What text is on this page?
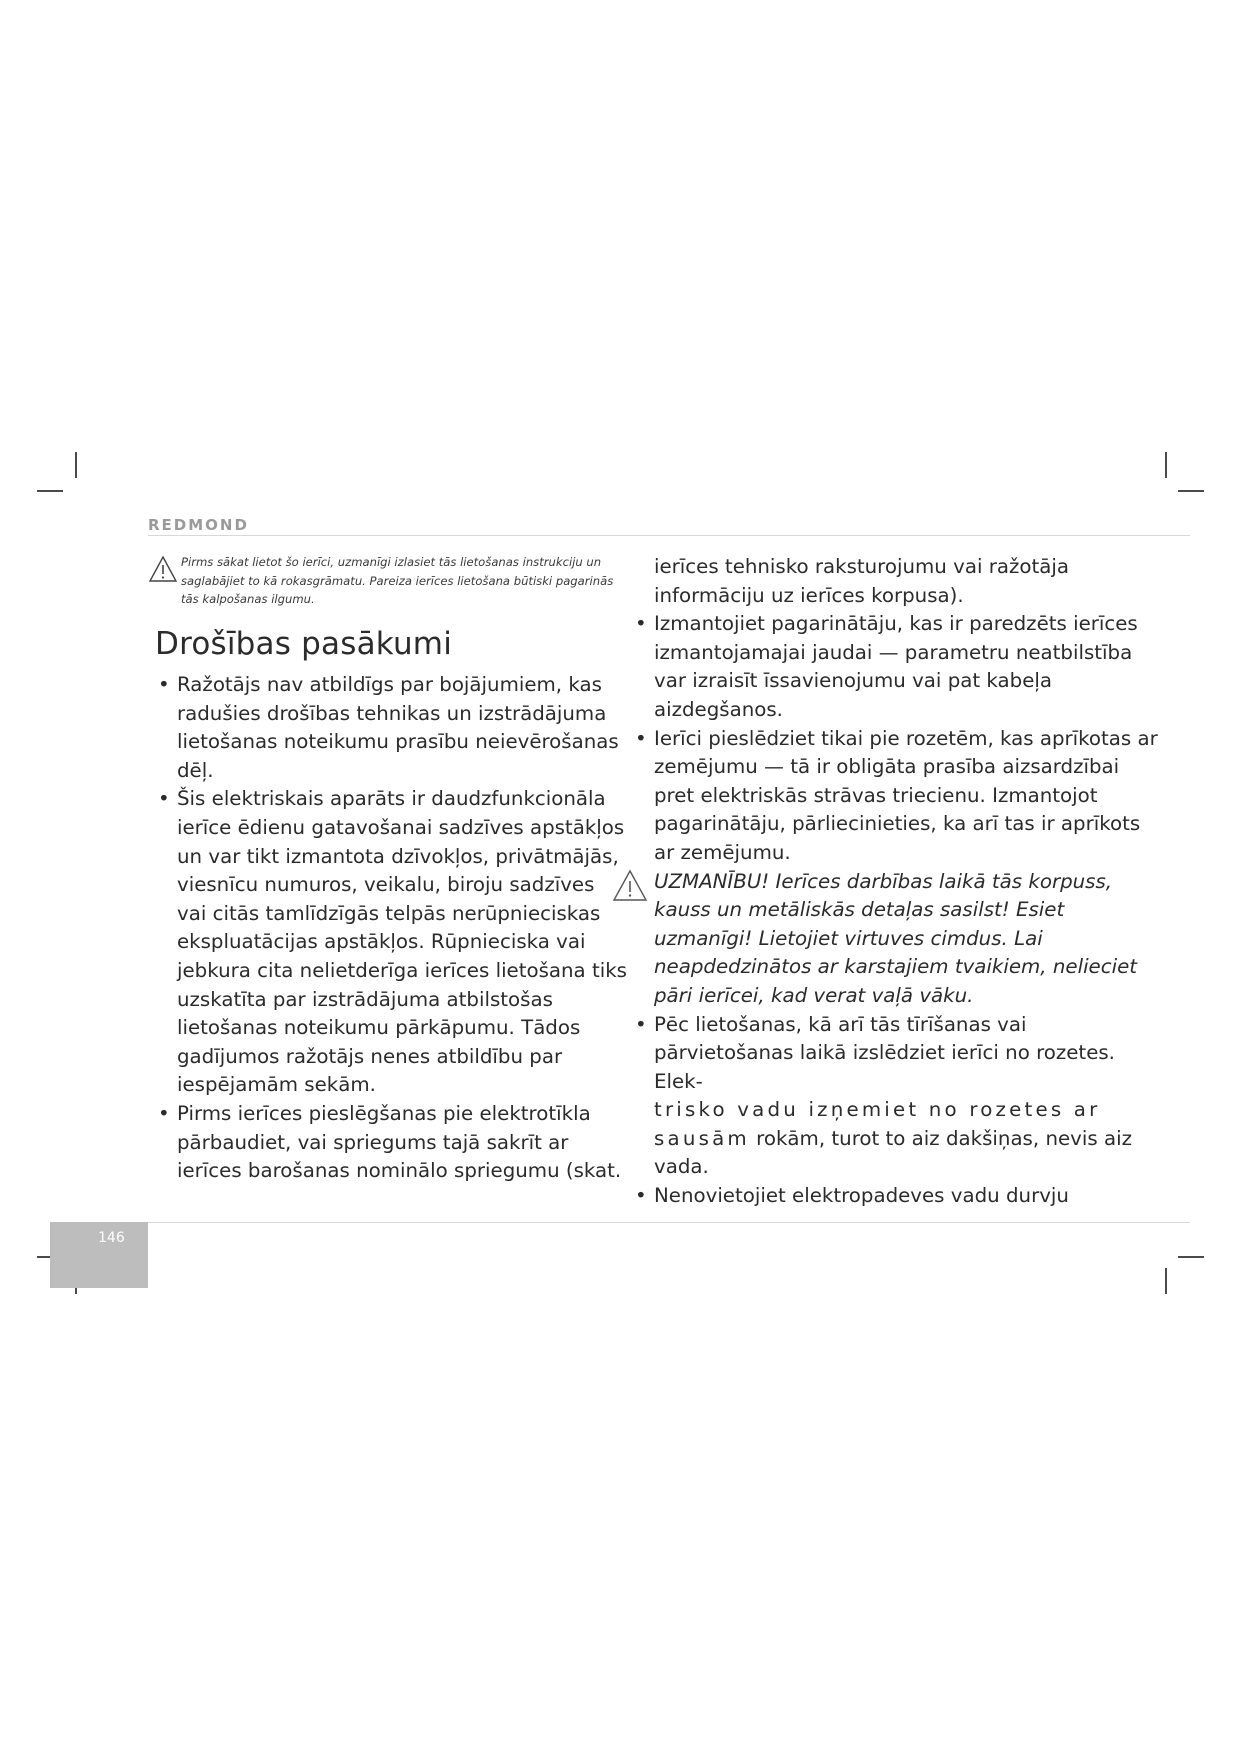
REDMOND

Pirms sākat lietot šo ierīci, uzmanīgi izlasiet tās lietošanas instrukciju un saglabājiet to kā rokasgrāmatu. Pareiza ierīces lietošana būtiski pagarinās tās kalpošanas ilgumu.

Drošības pasākumi

• Ražotājs nav atbildīgs par bojājumiem, kas radušies drošības tehnikas un izstrādājuma lietošanas noteikumu prasību neievērošanas dēļ.

• Šis elektriskais aparāts ir daudzfunkcionāla ierīce ēdienu gatavošanai sadzīves apstākļos un var tikt izmantota dzīvokļos, privātmājās, viesnīcu numuros, veikalu, biroju sadzīves vai citās tamlīdzīgās telpās nerūpnieciskas ekspluatācijas apstākļos. Rūpnieciska vai jebkura cita nelietderīga ierīces lietošana tiks uzskatīta par izstrādājuma atbilstošas lietošanas noteikumu pārkāpumu. Tādos gadījumos ražotājs nenes atbildību par iespējamām sekām.

• Pirms ierīces pieslēgšanas pie elektrotīkla pārbaudiet, vai spriegums tajā sakrīt ar ierīces barošanas nominālo spriegumu (skat.

ierīces tehnisko raksturojumu vai ražotāja informāciju uz ierīces korpusa).

• Izmantojiet pagarinātāju, kas ir paredzēts ierīces izmantojamajai jaudai — parametru neatbilstība var izraisīt īssavienojumu vai pat kabeļa aizdegšanos.

• Ierīci pieslēdziet tikai pie rozetēm, kas aprīkotas ar zemējumu — tā ir obligāta prasība aizsardzībai pret elektriskās strāvas triecienu. Izmantojot pagarinātāju, pārliecinieties, ka arī tas ir aprīkots ar zemējumu.

UZMANĪBU! Ierīces darbības laikā tās korpuss, kauss un metāliskās detaļas sasilst! Esiet uzmanīgi! Lietojiet virtuves cimdus. Lai neapdedzinātos ar karstajiem tvaikiem, nelieciet pāri ierīcei, kad verat vaļā vāku.

• Pēc lietošanas, kā arī tās tīrīšanas vai pārvietošanas laikā izslēdziet ierīci no rozetes. Elek-
trisko vadu izņemiet no rozetes ar sausām rokām, turot to aiz dakšiņas, nevis aiz vada.

• Nenovietojiet elektropadeves vadu durvju

146
